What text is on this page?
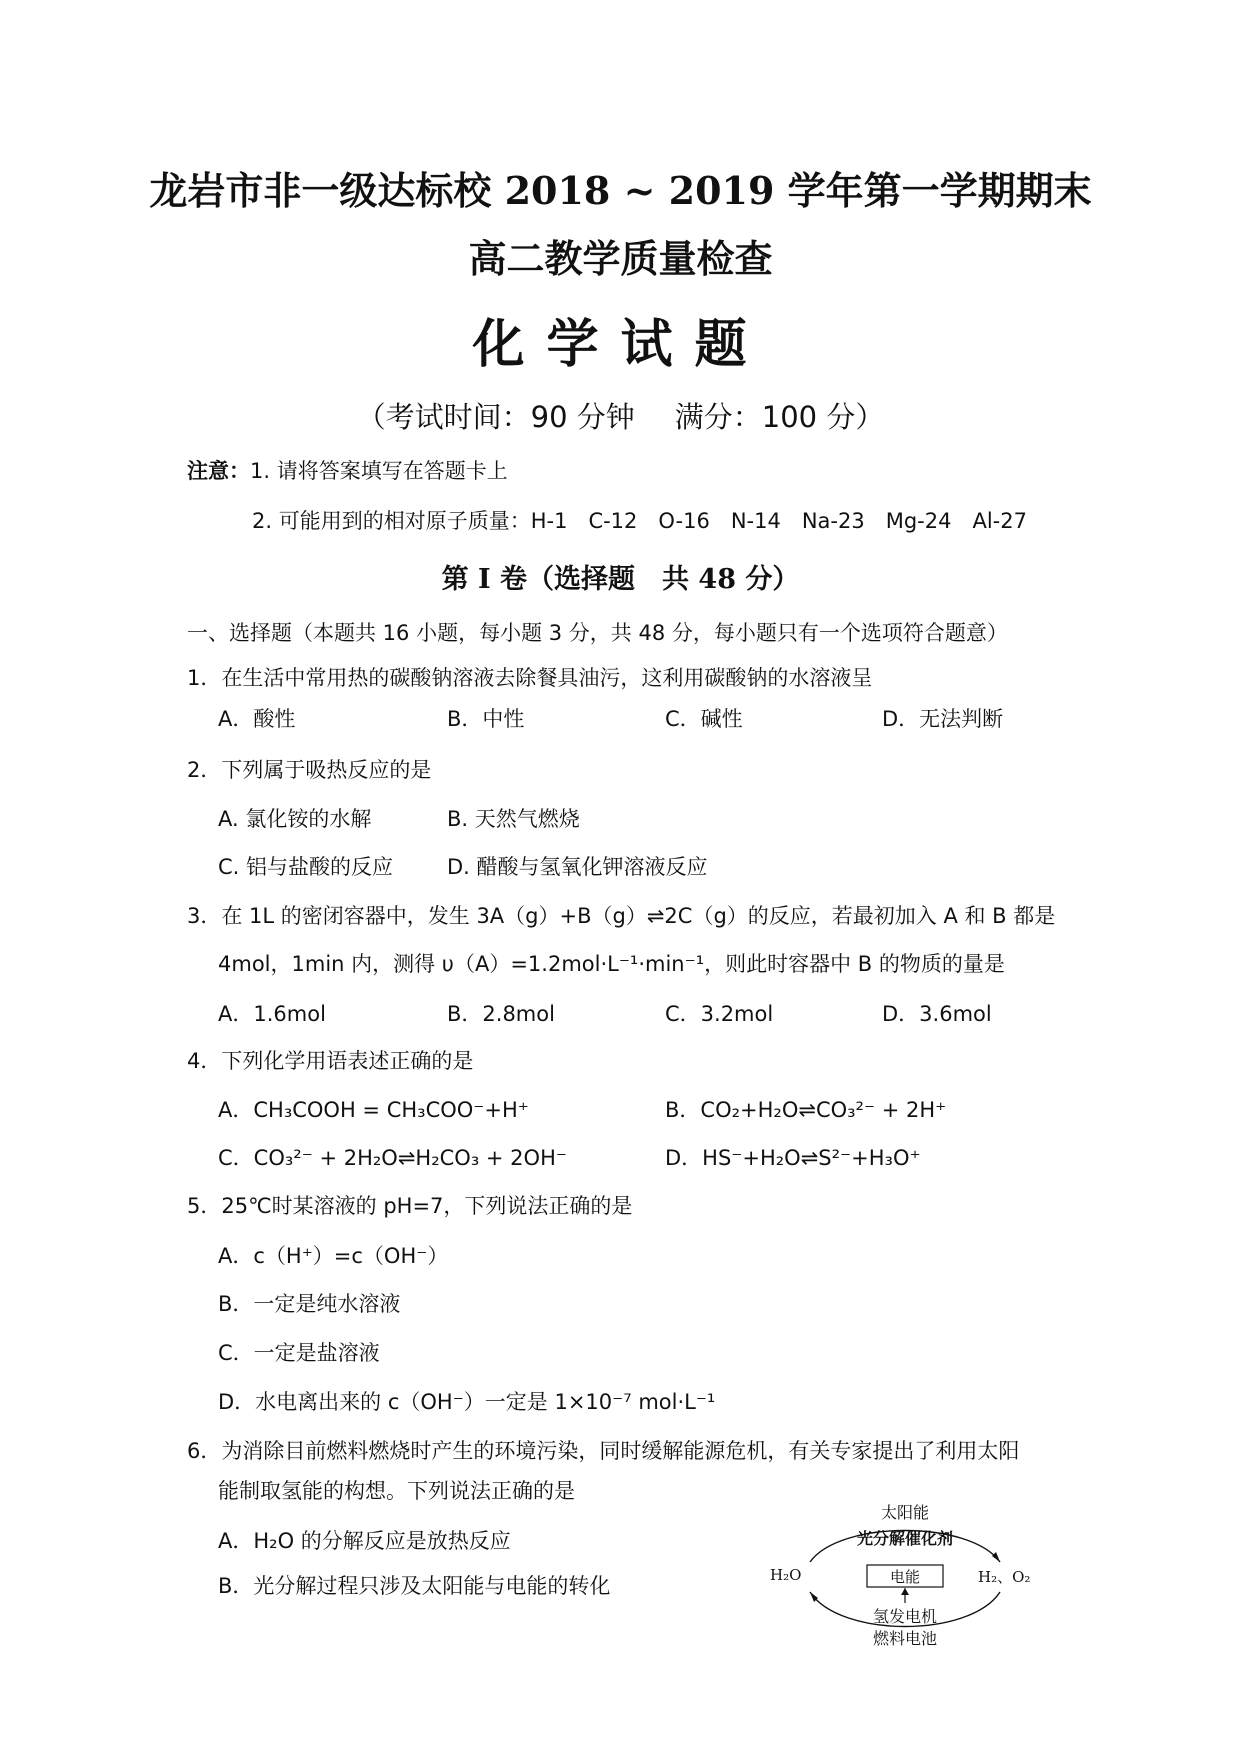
龙岩市非一级达标校 2018 ~ 2019 学年第一学期期末
高二教学质量检查
化学试题
（考试时间：90 分钟 满分：100 分）
注意：1. 请将答案填写在答题卡上
2. 可能用到的相对原子质量：H-1　C-12　O-16　N-14　Na-23　Mg-24　Al-27
第 I 卷（选择题　共 48 分）
一、选择题（本题共 16 小题，每小题 3 分，共 48 分，每小题只有一个选项符合题意）
1．在生活中常用热的碳酸钠溶液去除餐具油污，这利用碳酸钠的水溶液呈
A．酸性	B．中性	C．碱性	D．无法判断
2．下列属于吸热反应的是
A. 氯化铵的水解	B. 天然气燃烧
C. 铝与盐酸的反应	D. 醋酸与氢氧化钾溶液反应
3．在 1L 的密闭容器中，发生 3A（g）+B（g）⇌2C（g）的反应，若最初加入 A 和 B 都是
4mol，1min 内，测得 υ（A）=1.2mol·L⁻¹·min⁻¹，则此时容器中 B 的物质的量是
A．1.6mol	B．2.8mol	C．3.2mol	D．3.6mol
4．下列化学用语表述正确的是
A．CH₃COOH = CH₃COO⁻+H⁺	B．CO₂+H₂O⇌CO₃²⁻ + 2H⁺
C．CO₃²⁻ + 2H₂O⇌H₂CO₃ + 2OH⁻	D．HS⁻+H₂O⇌S²⁻+H₃O⁺
5．25℃时某溶液的 pH=7，下列说法正确的是
A．c（H⁺）=c（OH⁻）
B．一定是纯水溶液
C．一定是盐溶液
D．水电离出来的 c（OH⁻）一定是 1×10⁻⁷ mol·L⁻¹
6．为消除目前燃料燃烧时产生的环境污染，同时缓解能源危机，有关专家提出了利用太阳
能制取氢能的构想。下列说法正确的是
A．H₂O 的分解反应是放热反应
B．光分解过程只涉及太阳能与电能的转化
太阳能
光分解催化剂
H₂O	电能	H₂、O₂
氢发电机
燃料电池
